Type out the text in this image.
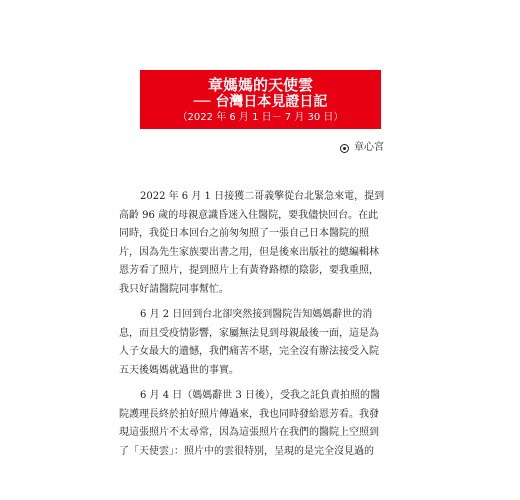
章媽媽的天使雲
── 台灣日本見證日記
（2022 年 6 月 1 日－ 7 月 30 日）
章心宮
2022 年 6 月 1 日接獲二哥義擎從台北緊急來電，提到
高齡 96 歲的母親意識昏迷入住醫院，要我儘快回台。在此
同時，我從日本回台之前匆匆照了一張自己日本醫院的照
片，因為先生家族要出書之用，但是後來出版社的總編輯林
恩芳看了照片，提到照片上有黃脊路標的陰影，要我重照，
我只好請醫院同事幫忙。
6 月 2 日回到台北卻突然接到醫院告知媽媽辭世的消
息，而且受疫情影響，家屬無法見到母親最後一面，這是為
人子女最大的遺憾，我們痛苦不堪，完全沒有辦法接受入院
五天後媽媽就過世的事實。
6 月 4 日（媽媽辭世 3 日後），受我之託負責拍照的醫
院護理長終於拍好照片傳過來，我也同時發給恩芳看。我發
現這張照片不太尋常，因為這張照片在我們的醫院上空照到
了「天使雲」：照片中的雲很特別，呈現的是完全沒見過的
